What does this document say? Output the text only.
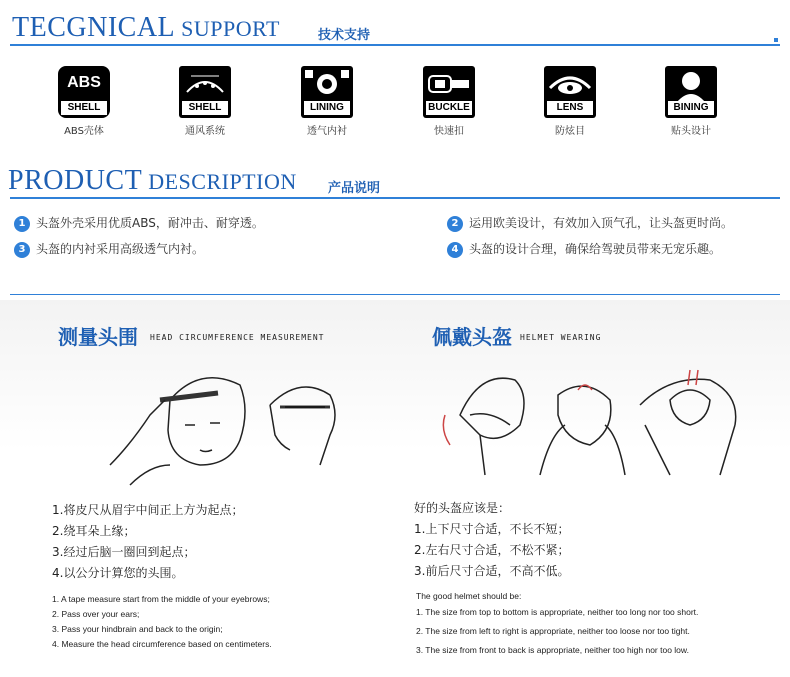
TECGNICAL SUPPORT	技术支持
ABS
SHELL
ABS壳体
SHELL
通风系统
LINING
透气内衬
BUCKLE
快速扣
LENS
防炫目
BINING
贴头设计
PRODUCT DESCRIPTION 产品说明
1 头盔外壳采用优质ABS，耐冲击、耐穿透。	2 运用欧美设计，有效加入顶气孔，让头盔更时尚。
3 头盔的内衬采用高级透气内衬。	4 头盔的设计合理，确保给驾驶员带来无宠乐趣。
测量头围 HEAD CIRCUMFERENCE MEASUREMENT
1.将皮尺从眉宇中间正上方为起点；
2.绕耳朵上缘；
3.经过后脑一圈回到起点；
4.以公分计算您的头围。
1. A tape measure start from the middle of your eyebrows;
2. Pass over your ears;
3. Pass your hindbrain and back to the origin;
4. Measure the head circumference based on centimeters.
佩戴头盔 HELMET WEARING
好的头盔应该是：
1.上下尺寸合适，不长不短；
2.左右尺寸合适，不松不紧；
3.前后尺寸合适，不高不低。
The good helmet should be:
1. The size from top to bottom is appropriate, neither too long nor too short.
2. The size from left to right is appropriate, neither too loose nor too tight.
3. The size from front to back is appropriate, neither too high nor too low.
